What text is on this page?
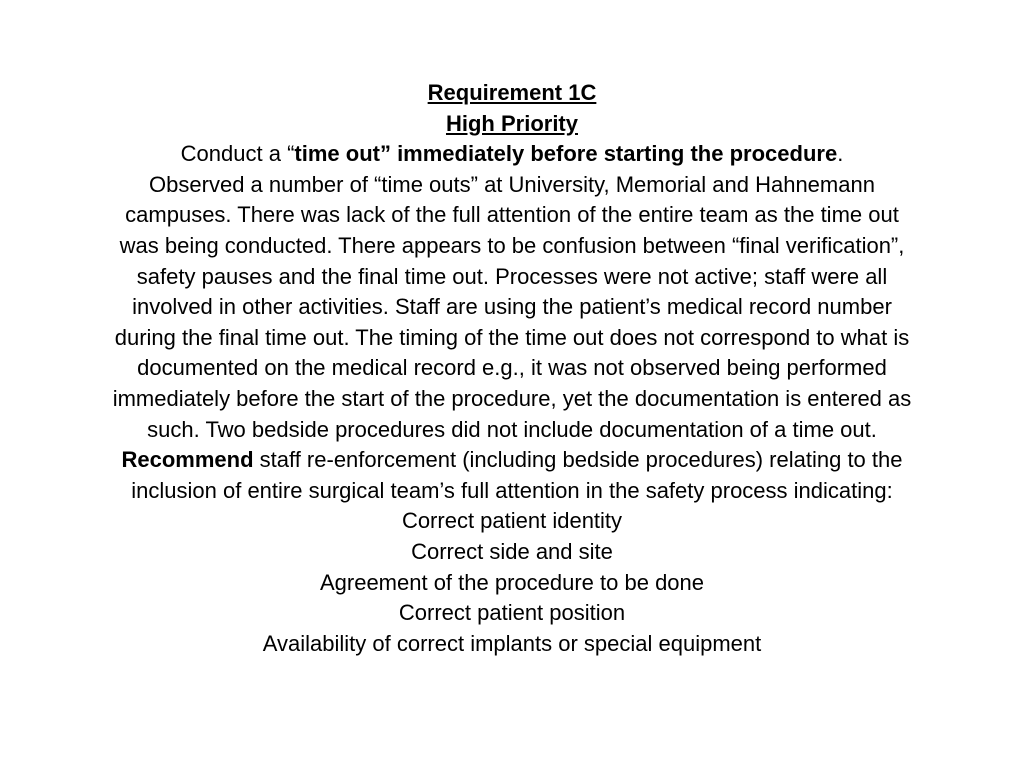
Requirement 1C
High Priority
Conduct a “time out” immediately before starting the procedure.
Observed a number of “time outs” at University, Memorial and Hahnemann
campuses. There was lack of the full attention of the entire team as the time out
was being conducted. There appears to be confusion between “final verification”,
safety pauses and the final time out. Processes were not active; staff were all
involved in other activities. Staff are using the patient’s medical record number
during the final time out. The timing of the time out does not correspond to what is
documented on the medical record e.g., it was not observed being performed
immediately before the start of the procedure, yet the documentation is entered as
such. Two bedside procedures did not include documentation of a time out.
Recommend staff re-enforcement (including bedside procedures) relating to the
inclusion of entire surgical team’s full attention in the safety process indicating:
Correct patient identity
Correct side and site
Agreement of the procedure to be done
Correct patient position
Availability of correct implants or special equipment
